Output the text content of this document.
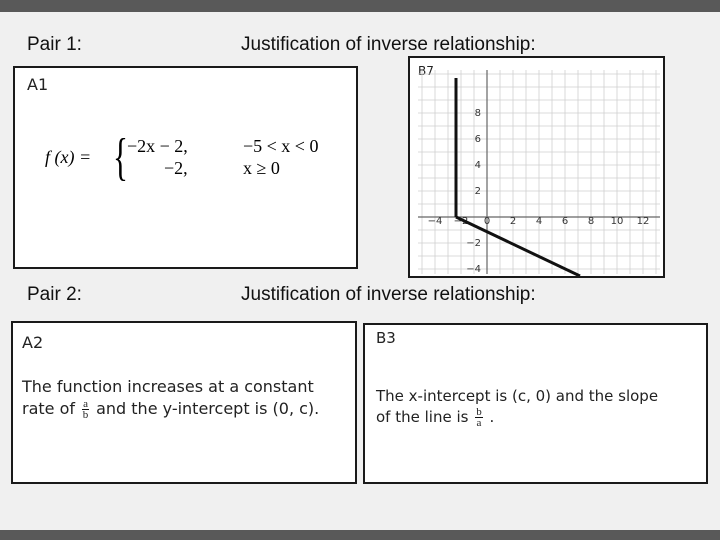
Pair 1:	Justification of inverse relationship:
A1
f (x) = { −2x − 2,	−5 < x < 0
−2,	x ≥ 0
B7
−4 −2 0 2 4 6 8 10 12
8
6
4
2
−2
−4
Pair 2:	Justification of inverse relationship:
A2
The function increases at a constant
rate of $\frac{a}{b}$ and the y-intercept is (0, c).
B3
The x-intercept is (c, 0) and the slope
of the line is $\frac{b}{a}$ .
